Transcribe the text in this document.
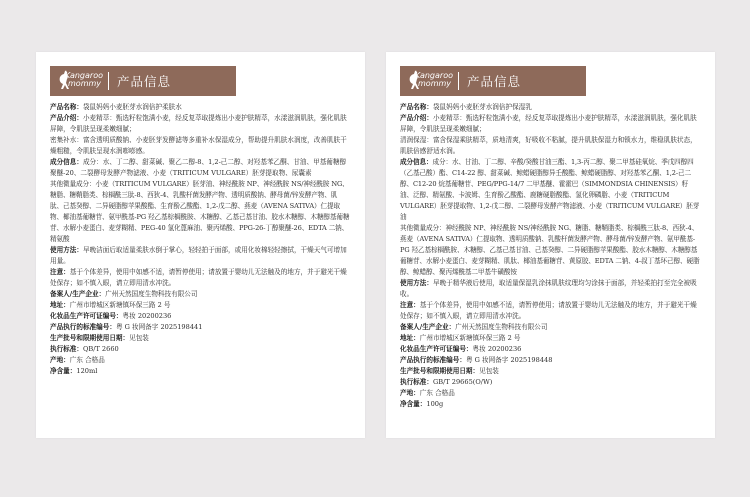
Kangaroo
mommy 产品信息

产品名称：袋鼠妈妈小麦胚芽水润倍护柔肤水

产品介绍：小麦精萃：甄选籽粒饱满小麦，经反复萃取提炼出小麦护肤精萃，水漾滋润肌肤，强化肌肤屏障，令肌肤呈现柔嫩细腻；

密集补水：富含透明质酸钠、小麦胚芽发酵滤等多重补水保湿成分，帮助提升肌肤水润度，改善肌肤干燥粗糙，令肌肤呈现水润嘭嘭感。

成分信息：成分：水、丁二醇、甜菜碱、聚乙二醇-8、1,2-己二醇、对羟基苯乙酮、甘油、甲基葡糖醇聚醚-20、二裂酵母发酵产物滤液、小麦（TRITICUM VULGARE）胚芽提取物、尿囊素

其他微量成分：小麦（TRITICUM VULGARE）胚芽油、神经酰胺 NP、神经酰胺 NS/神经酰胺 NG、糖脂、糖鞘脂类、棕榈酰三肽-8、西狄-4、乳酸杆菌发酵产物、透明质酸钠、酵母菌/锌发酵产物、肌肽、己基癸醇、二异硬脂醇苹果酸酯、生育酚乙酸酯、1,2-戊二醇、燕麦（AVENA SATIVA）仁提取物、椰油基葡糖苷、氨甲酰基-PG 羟乙基棕榈酰胺、木糖醇、乙基己基甘油、胶水木糖醇、木糖醇基葡糖苷、水解小麦蛋白、麦芽糊精、PEG-40 氢化蓖麻油、聚丙烯酸、PPG-26-丁醇聚醚-26、EDTA 二钠、精氨酸

使用方法：早晚洁面后取适量柔肤水倒于掌心，轻轻拍于面部，或用化妆棉轻轻擦拭，干燥天气可增加用量。

注意：基于个体差异，使用中如感不适，请暂停使用；请放置于婴幼儿无法触及的地方，并于避光干燥处保存；如不慎入眼，请立即用清水冲洗。

备案人/生产企业：广州天然国度生物科技有限公司

地址：广州市增城区新塘镇环保三路 2 号

化妆品生产许可证编号：粤妆 20200236

产品执行的标准编号：粤 G 妆网备字 2025198441

生产批号和限期使用日期：见包装

执行标准：QB/T 2660

产地：广东 合格品

净含量：120ml

Kangaroo
mommy 产品信息

产品名称：袋鼠妈妈小麦胚芽水润倍护保湿乳

产品介绍：小麦精萃：甄选籽粒饱满小麦，经反复萃取提炼出小麦护肤精萃，水漾滋润肌肤，强化肌肤屏障，令肌肤呈现柔嫩细腻；

清润保湿：富含保湿乘肤精萃，质地清爽，好吸收不粘腻，提升肌肤保湿力和锁水力，维稳肌肤状态，肌肤倍感舒适水润。

成分信息：成分：水、甘油、丁二醇、辛酸/癸酸甘油三酯、1,3-丙二醇、聚二甲基硅氧烷、季戊四醇四（乙基己酸）酯、C14-22 醇、甜菜碱、鲸蜡硬脂醇异壬酸酯、鲸蜡硬脂醇、对羟基苯乙酮、1,2-己二醇、C12-20 烷基葡糖苷、PEG/PPG-14/7 二甲基醚、霍霍巴（SIMMONDSIA CHINENSIS）籽油、泛醇、精氨酸、卡波姆、生育酚乙酸酯、鹿糖硬脂酸酯、氢化卵磷脂、小麦（TRITICUM VULGARE）胚芽提取物、1,2-戊二醇、二裂酵母发酵产物滤液、小麦（TRITICUM VULGARE）胚芽油

其他微量成分：神经酰胺 NP、神经酰胺 NS/神经酰胺 NG、糖脂、糖鞘脂类、棕榈酰三肽-8、西狄-4、燕麦（AVENA SATIVA）仁提取物、透明质酸钠、乳酸杆菌发酵产物、酵母菌/锌发酵产物、氨甲酰基-PG 羟乙基棕榈酰胺、木糖醇、乙基己基甘油、己基癸醇、二异硬脂醇苹果酸酯、胶水木糖醇、木糖醇基葡糖苷、水解小麦蛋白、麦芽糊精、肌肽、椰油基葡糖苷、黄原胶、EDTA 二钠、4-叔丁基环己醇、硬脂醇、鲸蜡醇、聚丙烯酰基二甲基牛磺酸铵

使用方法：早晚于精华液后使用，取适量保湿乳涂抹肌肤纹理均匀涂抹于面部，并轻柔拍打至完全被吸收。

注意：基于个体差异，使用中如感不适，请暂停使用；请放置于婴幼儿无法触及的地方，并于避光干燥处保存；如不慎入眼，请立即用清水冲洗。

备案人/生产企业：广州天然国度生物科技有限公司

地址：广州市增城区新塘镇环保三路 2 号

化妆品生产许可证编号：粤妆 20200236

产品执行的标准编号：粤 G 妆网备字 2025198448

生产批号和限期使用日期：见包装

执行标准：GB/T 29665(O/W)

产地：广东 合格品

净含量：100g
